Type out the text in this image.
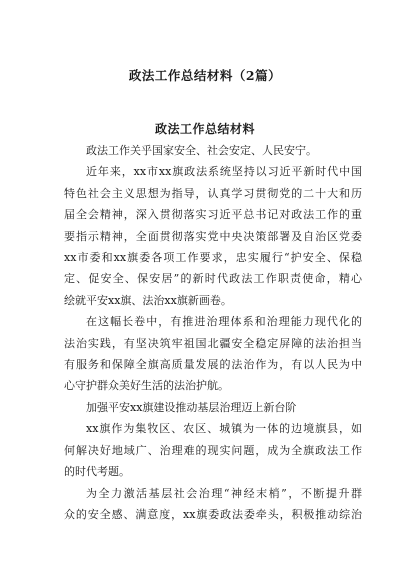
政法工作总结材料（2篇）
政法工作总结材料
政法工作关乎国家安全、社会安定、人民安宁。
近年来，xx市xx旗政法系统坚持以习近平新时代中国
特色社会主义思想为指导，认真学习贯彻党的二十大和历
届全会精神，深入贯彻落实习近平总书记对政法工作的重
要指示精神，全面贯彻落实党中央决策部署及自治区党委
xx市委和xx旗委各项工作要求，忠实履行“护安全、保稳
定、促安全、保安居”的新时代政法工作职责使命，精心
绘就平安xx旗、法治xx旗新画卷。
在这幅长卷中，有推进治理体系和治理能力现代化的
法治实践，有坚决筑牢祖国北疆安全稳定屏障的法治担当
有服务和保障全旗高质量发展的法治作为，有以人民为中
心守护群众美好生活的法治护航。
加强平安xx旗建设推动基层治理迈上新台阶
xx旗作为集牧区、农区、城镇为一体的边境旗县，如
何解决好地域广、治理难的现实问题，成为全旗政法工作
的时代考题。
为全力激活基层社会治理“神经末梢”，不断提升群
众的安全感、满意度，xx旗委政法委牵头，积极推动综治
